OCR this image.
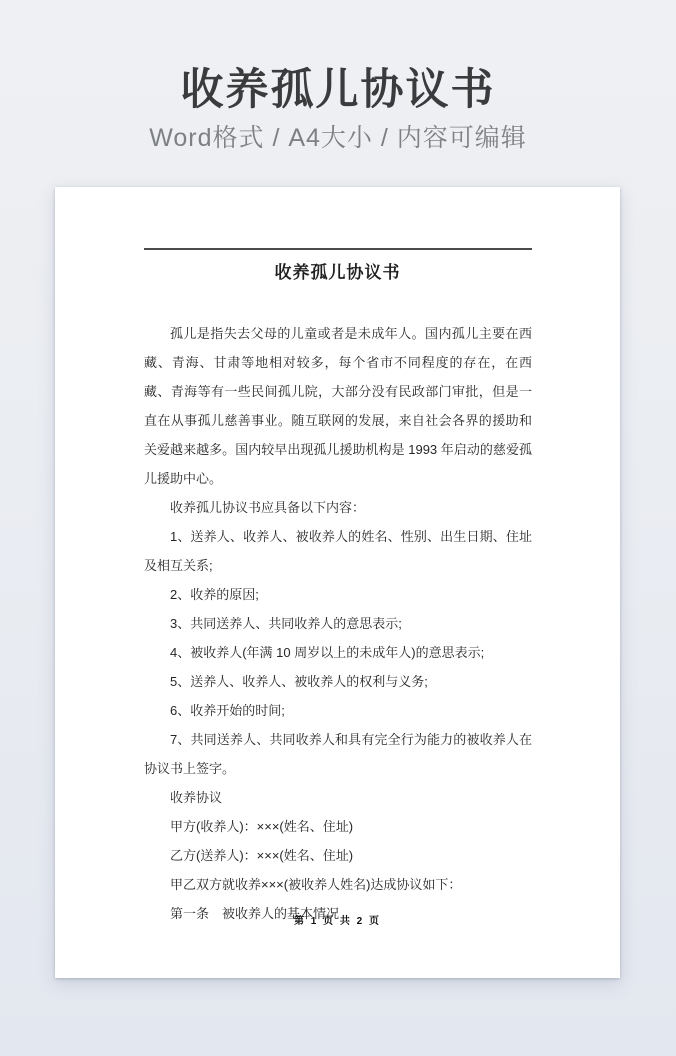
收养孤儿协议书
Word格式 / A4大小 / 内容可编辑
收养孤儿协议书

孤儿是指失去父母的儿童或者是未成年人。国内孤儿主要在西藏、青海、甘肃等地相对较多，每个省市不同程度的存在，在西藏、青海等有一些民间孤儿院，大部分没有民政部门审批，但是一直在从事孤儿慈善事业。随互联网的发展，来自社会各界的援助和关爱越来越多。国内较早出现孤儿援助机构是 1993 年启动的慈爱孤儿援助中心。

收养孤儿协议书应具备以下内容：

1、送养人、收养人、被收养人的姓名、性别、出生日期、住址及相互关系;

2、收养的原因;

3、共同送养人、共同收养人的意思表示;

4、被收养人(年满 10 周岁以上的未成年人)的意思表示;

5、送养人、收养人、被收养人的权利与义务;

6、收养开始的时间;

7、共同送养人、共同收养人和具有完全行为能力的被收养人在协议书上签字。

收养协议

甲方(收养人)：×××(姓名、住址)

乙方(送养人)：×××(姓名、住址)

甲乙双方就收养×××(被收养人姓名)达成协议如下：

第一条　被收养人的基本情况

第 1 页 共 2 页
